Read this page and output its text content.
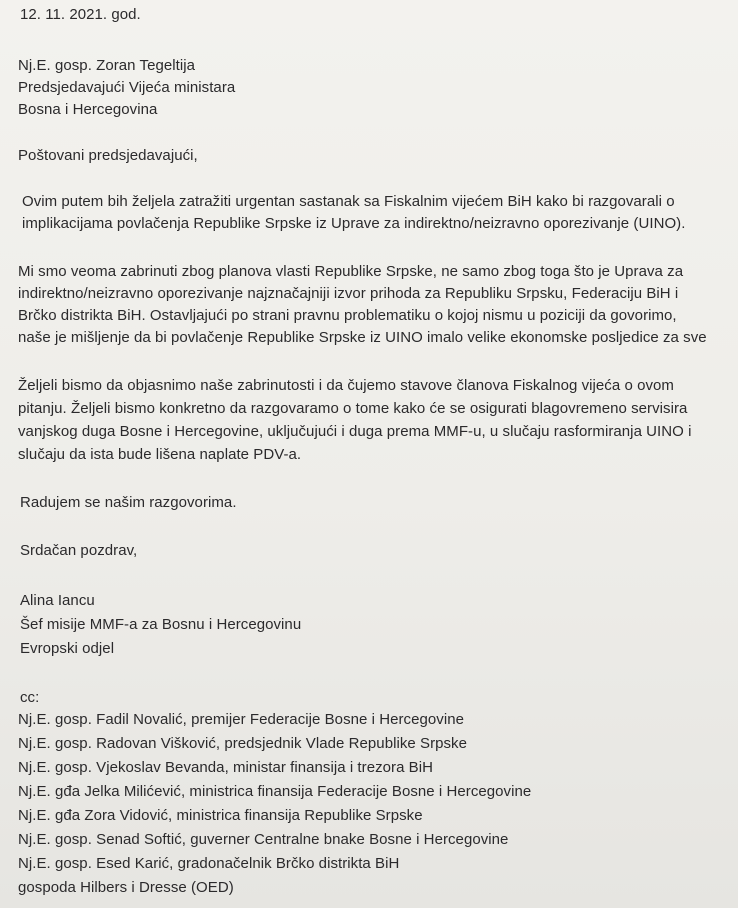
12. 11. 2021. god.
Nj.E. gosp. Zoran Tegeltija
Predsjedavajući Vijeća ministara
Bosna i Hercegovina
Poštovani predsjedavajući,
Ovim putem bih željela zatražiti urgentan sastanak sa Fiskalnim vijećem BiH kako bi razgovarali o
implikacijama povlačenja Republike Srpske iz Uprave za indirektno/neizravno oporezivanje (UINO).
Mi smo veoma zabrinuti zbog planova vlasti Republike Srpske, ne samo zbog toga što je Uprava za
indirektno/neizravno oporezivanje najznačajniji izvor prihoda za Republiku Srpsku, Federaciju BiH i
Brčko distrikta BiH. Ostavljajući po strani pravnu problematiku o kojoj nismu u poziciji da govorimo,
naše je mišljenje da bi povlačenje Republike Srpske iz UINO imalo velike ekonomske posljedice za sve
Željeli bismo da objasnimo naše zabrinutosti i da čujemo stavove članova Fiskalnog vijeća o ovom
pitanju. Željeli bismo konkretno da razgovaramo o tome kako će se osigurati blagovremeno servisira
vanjskog duga Bosne i Hercegovine, uključujući i duga prema MMF-u, u slučaju rasformiranja UINO i
slučaju da ista bude lišena naplate PDV-a.
Radujem se našim razgovorima.
Srdačan pozdrav,
Alina Iancu
Šef misije MMF-a za Bosnu i Hercegovinu
Evropski odjel
cc:
Nj.E. gosp. Fadil Novalić, premijer Federacije Bosne i Hercegovine
Nj.E. gosp. Radovan Višković, predsjednik Vlade Republike Srpske
Nj.E. gosp. Vjekoslav Bevanda, ministar finansija i trezora BiH
Nj.E. gđa Jelka Milićević, ministrica finansija Federacije Bosne i Hercegovine
Nj.E. gđa Zora Vidović, ministrica finansija Republike Srpske
Nj.E. gosp. Senad Softić, guverner Centralne bnake Bosne i Hercegovine
Nj.E. gosp. Esed Karić, gradonačelnik Brčko distrikta BiH
gospoda Hilbers i Dresse (OED)
